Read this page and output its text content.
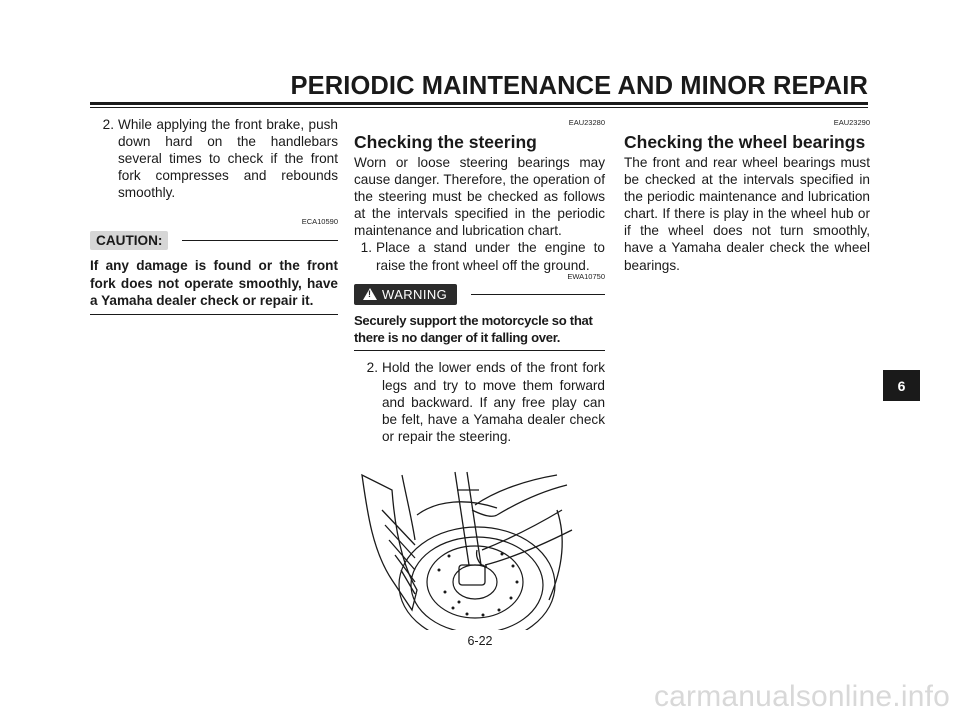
PERIODIC MAINTENANCE AND MINOR REPAIR
2. While applying the front brake, push down hard on the handlebars several times to check if the front fork compresses and rebounds smoothly.
ECA10590
CAUTION:
If any damage is found or the front fork does not operate smoothly, have a Yamaha dealer check or repair it.
EAU23280
Checking the steering
Worn or loose steering bearings may cause danger. Therefore, the operation of the steering must be checked as follows at the intervals specified in the periodic maintenance and lubrication chart.
1. Place a stand under the engine to raise the front wheel off the ground.
EWA10750
! WARNING
Securely support the motorcycle so that there is no danger of it falling over.
2. Hold the lower ends of the front fork legs and try to move them forward and backward. If any free play can be felt, have a Yamaha dealer check or repair the steering.
EAU23290
Checking the wheel bearings
The front and rear wheel bearings must be checked at the intervals specified in the periodic maintenance and lubrication chart. If there is play in the wheel hub or if the wheel does not turn smoothly, have a Yamaha dealer check the wheel bearings.
6
6-22
carmanualsonline.info
